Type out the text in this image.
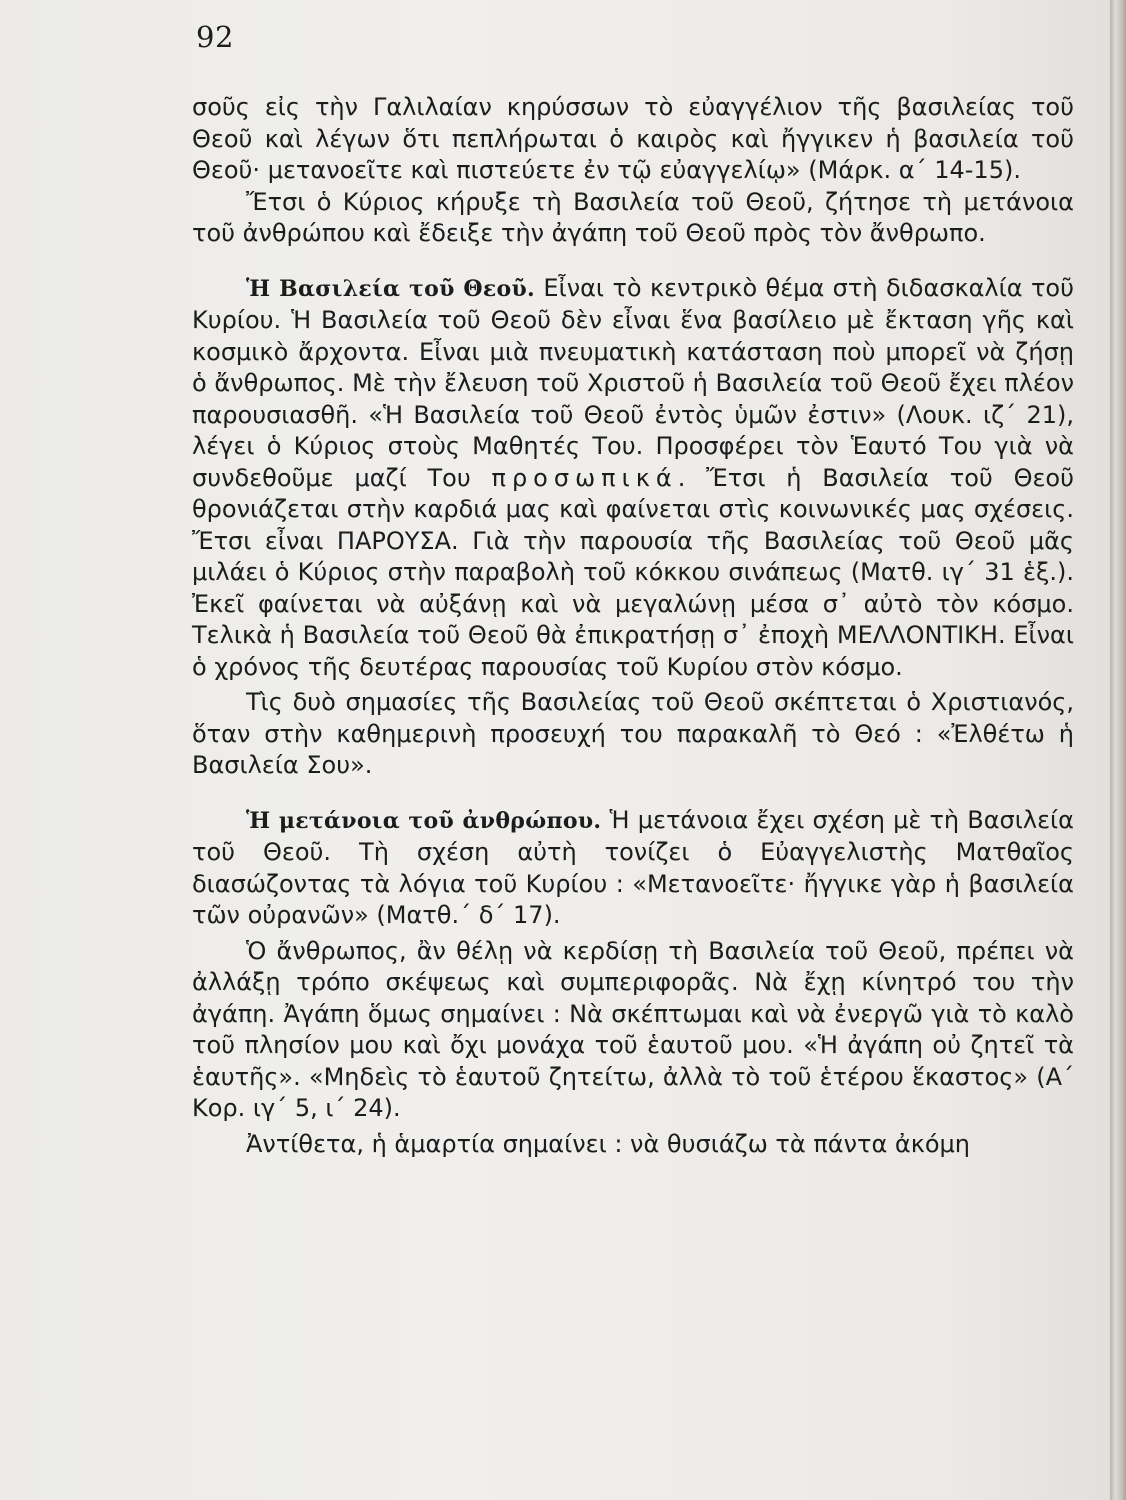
92

σοῦς εἰς τὴν Γαλιλαίαν κηρύσσων τὸ εὐαγγέλιον τῆς βασιλείας τοῦ Θεοῦ καὶ λέγων ὅτι πεπλήρωται ὁ καιρὸς καὶ ἤγγικεν ἡ βασιλεία τοῦ Θεοῦ· μετανοεῖτε καὶ πιστεύετε ἐν τῷ εὐαγγελίῳ» (Μάρκ. α΄ 14-15).

Ἔτσι ὁ Κύριος κήρυξε τὴ Βασιλεία τοῦ Θεοῦ, ζήτησε τὴ μετάνοια τοῦ ἀνθρώπου καὶ ἔδειξε τὴν ἀγάπη τοῦ Θεοῦ πρὸς τὸν ἄνθρωπο.

Ἡ Βασιλεία τοῦ Θεοῦ. Εἶναι τὸ κεντρικὸ θέμα στὴ διδασκαλία τοῦ Κυρίου. Ἡ Βασιλεία τοῦ Θεοῦ δὲν εἶναι ἕνα βασίλειο μὲ ἔκταση γῆς καὶ κοσμικὸ ἄρχοντα. Εἶναι μιὰ πνευματικὴ κατάσταση ποὺ μπορεῖ νὰ ζήσῃ ὁ ἄνθρωπος. Μὲ τὴν ἔλευση τοῦ Χριστοῦ ἡ Βασιλεία τοῦ Θεοῦ ἔχει πλέον παρουσιασθῆ. «Ἡ Βασιλεία τοῦ Θεοῦ ἐντὸς ὑμῶν ἐστιν» (Λουκ. ιζ΄ 21), λέγει ὁ Κύριος στοὺς Μαθητές Του. Προσφέρει τὸν Ἑαυτό Του γιὰ νὰ συνδεθοῦμε μαζί Του προσωπικά. Ἔτσι ἡ Βασιλεία τοῦ Θεοῦ θρονιάζεται στὴν καρδιά μας καὶ φαίνεται στὶς κοινωνικές μας σχέσεις. Ἔτσι εἶναι ΠΑΡΟΥΣΑ. Γιὰ τὴν παρουσία τῆς Βασιλείας τοῦ Θεοῦ μᾶς μιλάει ὁ Κύριος στὴν παραβολὴ τοῦ κόκκου σινάπεως (Ματθ. ιγ΄ 31 ἑξ.). Ἐκεῖ φαίνεται νὰ αὐξάνῃ καὶ νὰ μεγαλώνῃ μέσα σ᾿ αὐτὸ τὸν κόσμο. Τελικὰ ἡ Βασιλεία τοῦ Θεοῦ θὰ ἐπικρατήσῃ σ᾿ ἐποχὴ ΜΕΛΛΟΝΤΙΚΗ. Εἶναι ὁ χρόνος τῆς δευτέρας παρουσίας τοῦ Κυρίου στὸν κόσμο.

Τὶς δυὸ σημασίες τῆς Βασιλείας τοῦ Θεοῦ σκέπτεται ὁ Χριστιανός, ὅταν στὴν καθημερινὴ προσευχή του παρακαλῆ τὸ Θεό : «Ἐλθέτω ἡ Βασιλεία Σου».

Ἡ μετάνοια τοῦ ἀνθρώπου. Ἡ μετάνοια ἔχει σχέση μὲ τὴ Βασιλεία τοῦ Θεοῦ. Τὴ σχέση αὐτὴ τονίζει ὁ Εὐαγγελιστὴς Ματθαῖος διασώζοντας τὰ λόγια τοῦ Κυρίου : «Μετανοεῖτε· ἤγγικε γὰρ ἡ βασιλεία τῶν οὐρανῶν» (Ματθ.΄ δ΄ 17).

Ὁ ἄνθρωπος, ἂν θέλῃ νὰ κερδίσῃ τὴ Βασιλεία τοῦ Θεοῦ, πρέπει νὰ ἀλλάξῃ τρόπο σκέψεως καὶ συμπεριφορᾶς. Νὰ ἔχῃ κίνητρό του τὴν ἀγάπη. Ἀγάπη ὅμως σημαίνει : Νὰ σκέπτωμαι καὶ νὰ ἐνεργῶ γιὰ τὸ καλὸ τοῦ πλησίον μου καὶ ὄχι μονάχα τοῦ ἑαυτοῦ μου. «Ἡ ἀγάπη οὐ ζητεῖ τὰ ἑαυτῆς». «Μηδεὶς τὸ ἑαυτοῦ ζητείτω, ἀλλὰ τὸ τοῦ ἑτέρου ἕκαστος» (Α΄ Κορ. ιγ΄ 5, ι΄ 24).

Ἀντίθετα, ἡ ἁμαρτία σημαίνει : νὰ θυσιάζω τὰ πάντα ἀκόμη
